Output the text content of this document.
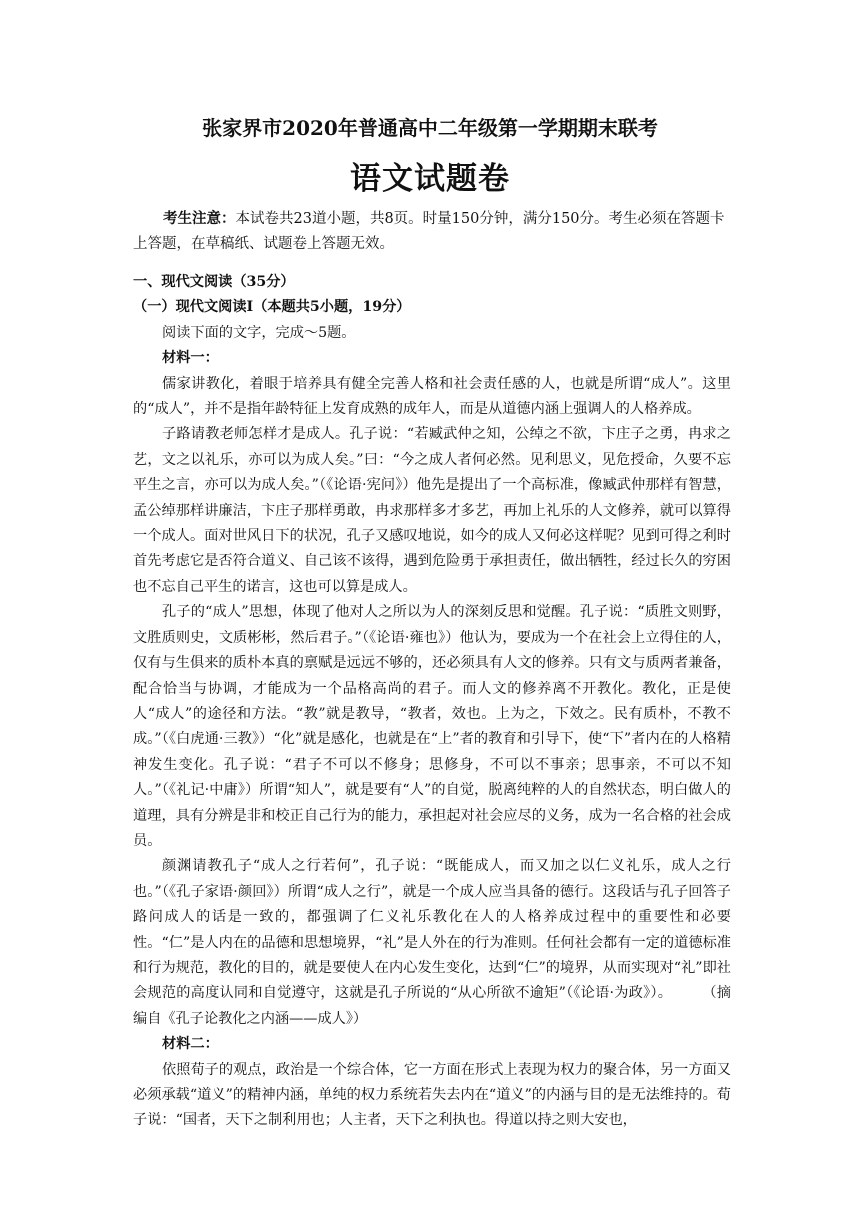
张家界市2020年普通高中二年级第一学期期末联考
语文试题卷
考生注意：本试卷共23道小题，共8页。时量150分钟，满分150分。考生必须在答题卡上答题，在草稿纸、试题卷上答题无效。

一、现代文阅读（35分）

（一）现代文阅读Ⅰ（本题共5小题，19分）

阅读下面的文字，完成～5题。

材料一：

儒家讲教化，着眼于培养具有健全完善人格和社会责任感的人，也就是所谓“成人”。这里的“成人”，并不是指年龄特征上发育成熟的成年人，而是从道德内涵上强调人的人格养成。

子路请教老师怎样才是成人。孔子说：“若臧武仲之知，公绰之不欲，卞庄子之勇，冉求之艺，文之以礼乐，亦可以为成人矣。”曰：“今之成人者何必然。见利思义，见危授命，久要不忘平生之言，亦可以为成人矣。”（《论语·宪问》）他先是提出了一个高标准，像臧武仲那样有智慧，孟公绰那样讲廉洁，卞庄子那样勇敢，冉求那样多才多艺，再加上礼乐的人文修养，就可以算得一个成人。面对世风日下的状况，孔子又感叹地说，如今的成人又何必这样呢？见到可得之利时首先考虑它是否符合道义、自己该不该得，遇到危险勇于承担责任，做出牺牲，经过长久的穷困也不忘自己平生的诺言，这也可以算是成人。

孔子的“成人”思想，体现了他对人之所以为人的深刻反思和觉醒。孔子说：“质胜文则野，文胜质则史，文质彬彬，然后君子。”（《论语·雍也》）他认为，要成为一个在社会上立得住的人，仅有与生俱来的质朴本真的禀赋是远远不够的，还必须具有人文的修养。只有文与质两者兼备，配合恰当与协调，才能成为一个品格高尚的君子。而人文的修养离不开教化。教化，正是使人“成人”的途径和方法。“教”就是教导，“教者，效也。上为之，下效之。民有质朴，不教不成。”（《白虎通·三教》）“化”就是感化，也就是在“上”者的教育和引导下，使“下”者内在的人格精神发生变化。孔子说：“君子不可以不修身；思修身，不可以不事亲；思事亲，不可以不知人。”（《礼记·中庸》）所谓“知人”，就是要有“人”的自觉，脱离纯粹的人的自然状态，明白做人的道理，具有分辨是非和校正自己行为的能力，承担起对社会应尽的义务，成为一名合格的社会成员。

颜渊请教孔子“成人之行若何”，孔子说：“既能成人，而又加之以仁义礼乐，成人之行也。”（《孔子家语·颜回》）所谓“成人之行”，就是一个成人应当具备的德行。这段话与孔子回答子路问成人的话是一致的，都强调了仁义礼乐教化在人的人格养成过程中的重要性和必要性。“仁”是人内在的品德和思想境界，“礼”是人外在的行为准则。任何社会都有一定的道德标准和行为规范，教化的目的，就是要使人在内心发生变化，达到“仁”的境界，从而实现对“礼”即社会规范的高度认同和自觉遵守，这就是孔子所说的“从心所欲不逾矩”（《论语·为政》）。 （摘编自《孔子论教化之内涵——成人》）

材料二：

依照荀子的观点，政治是一个综合体，它一方面在形式上表现为权力的聚合体，另一方面又必须承载“道义”的精神内涵，单纯的权力系统若失去内在“道义”的内涵与目的是无法维持的。荀子说：“国者，天下之制利用也；人主者，天下之利执也。得道以持之则大安也，
